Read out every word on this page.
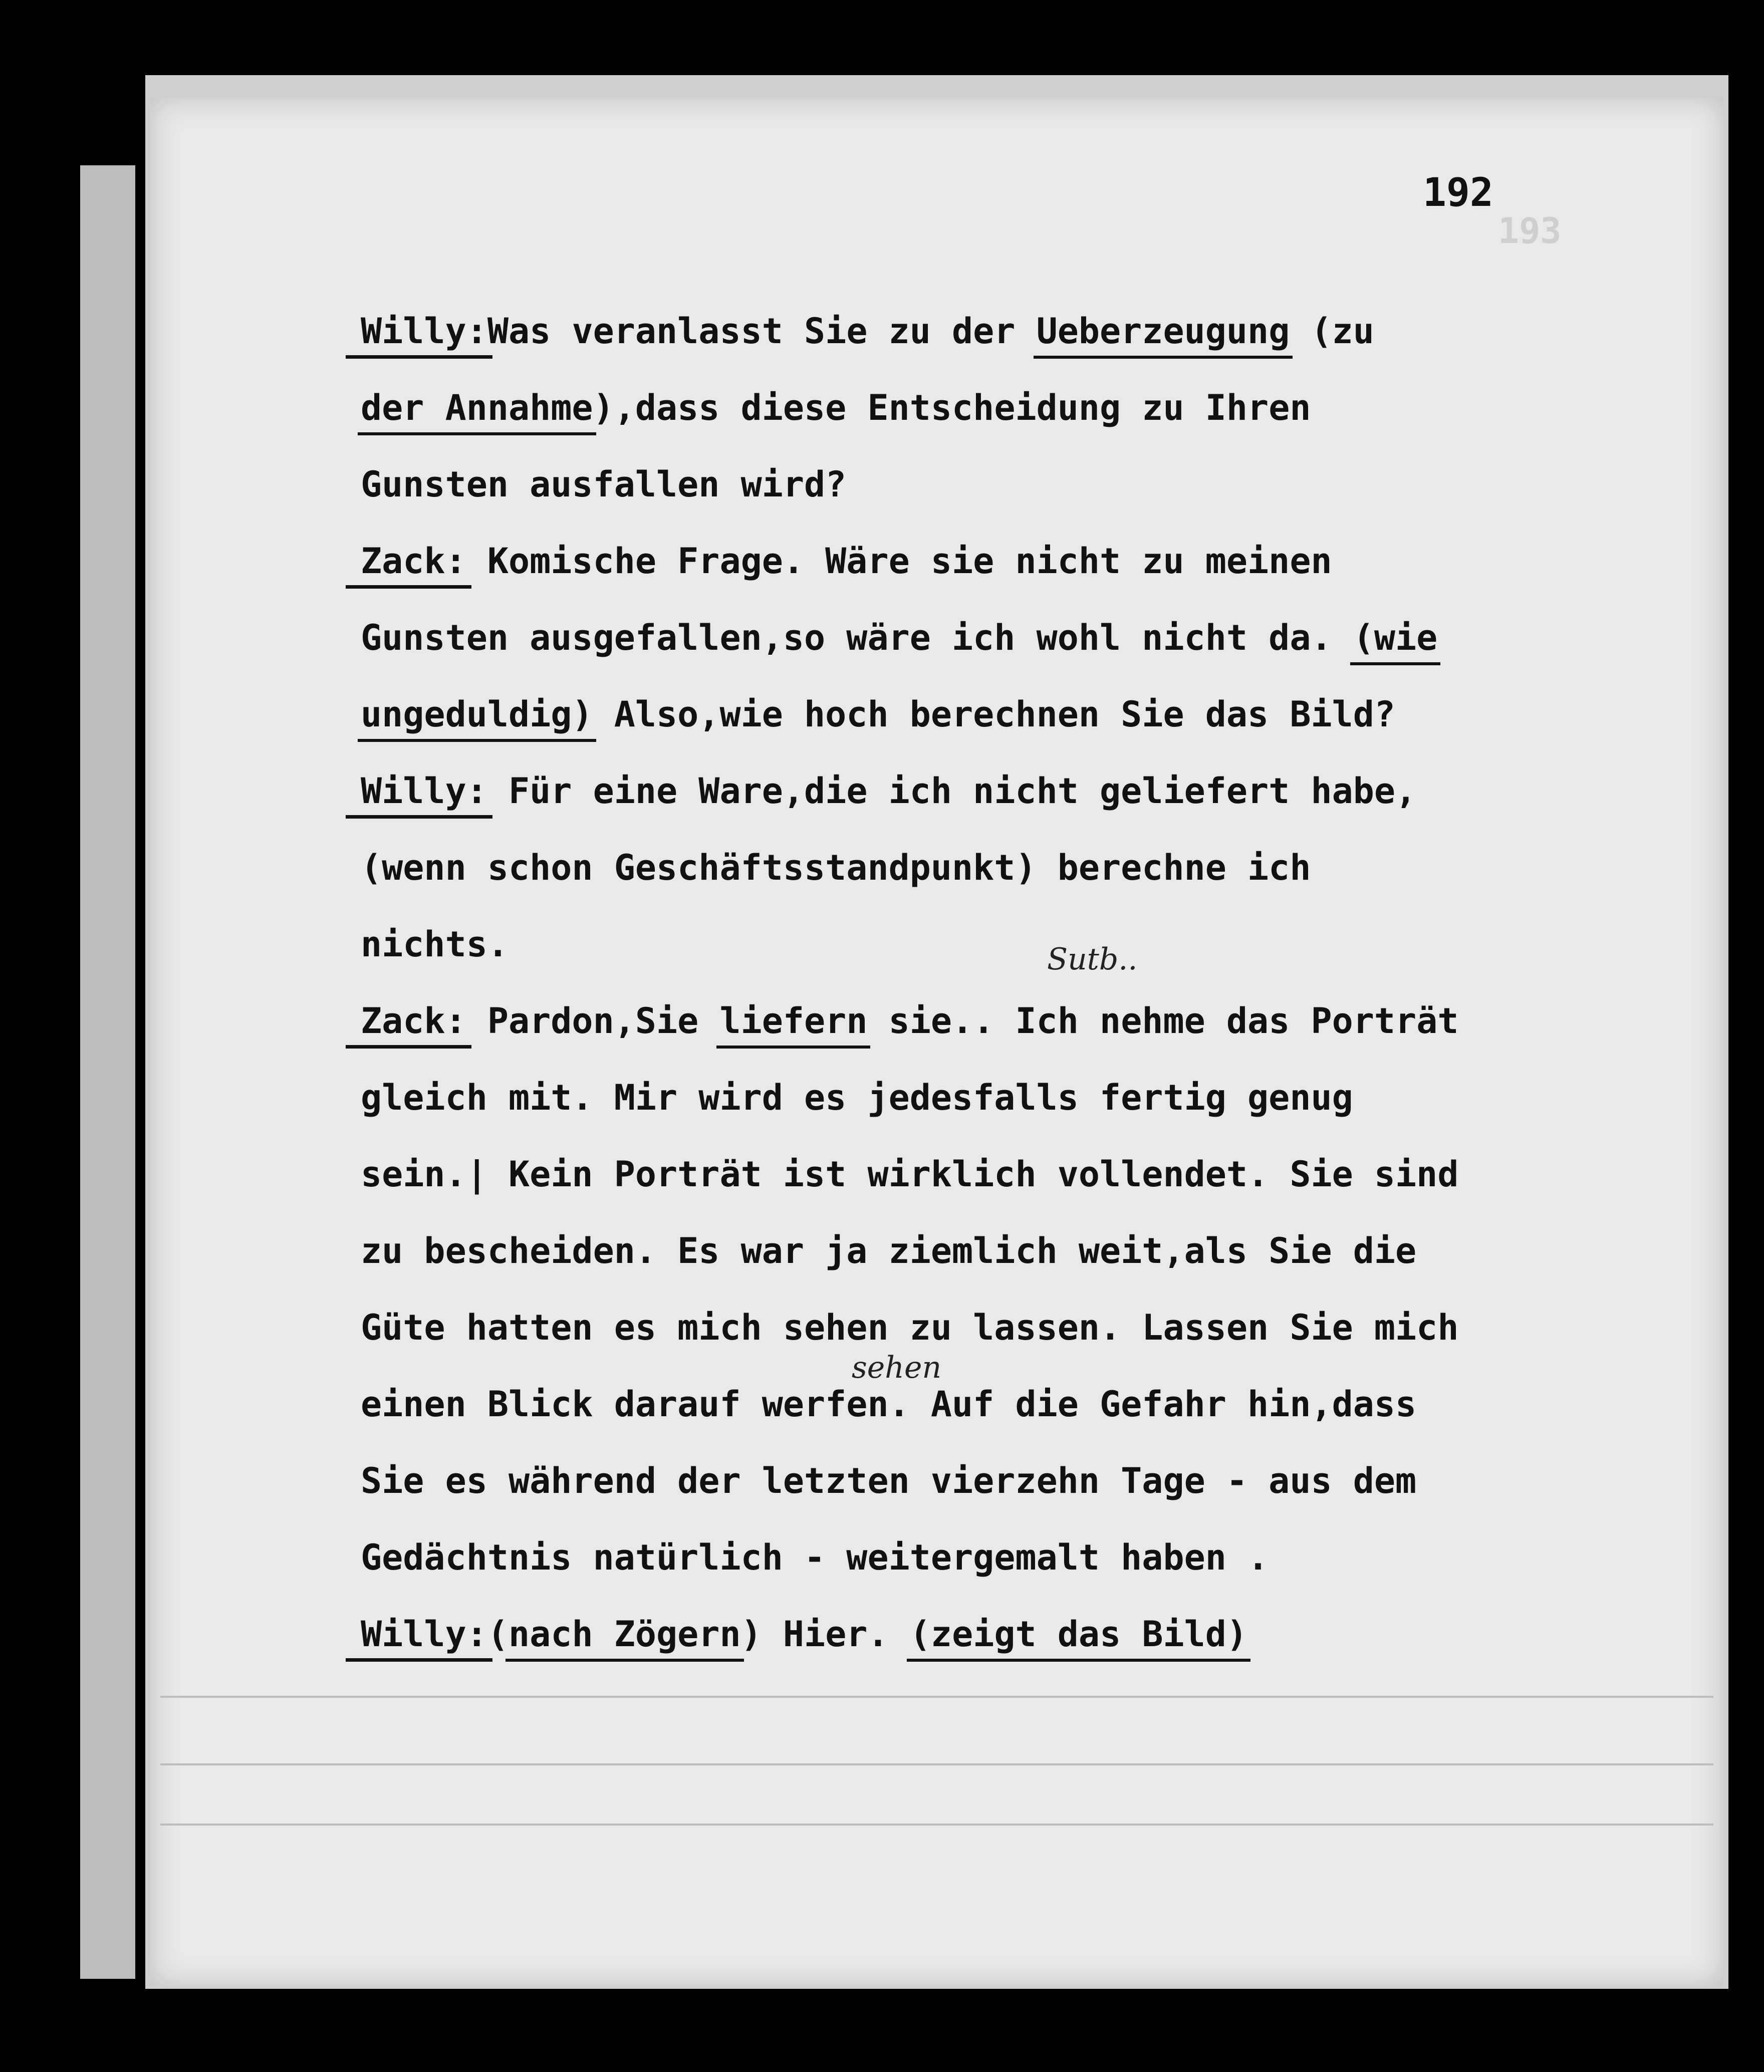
192
193
Willy:Was veranlasst Sie zu der Ueberzeugung (zu
der Annahme),dass diese Entscheidung zu Ihren
Gunsten ausfallen wird?
Zack: Komische Frage. Wäre sie nicht zu meinen
Gunsten ausgefallen,so wäre ich wohl nicht da. (wie
ungeduldig) Also,wie hoch berechnen Sie das Bild?
Willy: Für eine Ware,die ich nicht geliefert habe,
(wenn schon Geschäftsstandpunkt) berechne ich
nichts.
Zack: Pardon,Sie liefern sie.. Ich nehme das Porträt
gleich mit. Mir wird es jedesfalls fertig genug
sein.| Kein Porträt ist wirklich vollendet. Sie sind
zu bescheiden. Es war ja ziemlich weit,als Sie die
Güte hatten es mich sehen zu lassen. Lassen Sie mich
einen Blick darauf werfen. Auf die Gefahr hin,dass
Sie es während der letzten vierzehn Tage - aus dem
Gedächtnis natürlich - weitergemalt haben .
Willy:(nach Zögern) Hier. (zeigt das Bild)
Sutb..
sehen
